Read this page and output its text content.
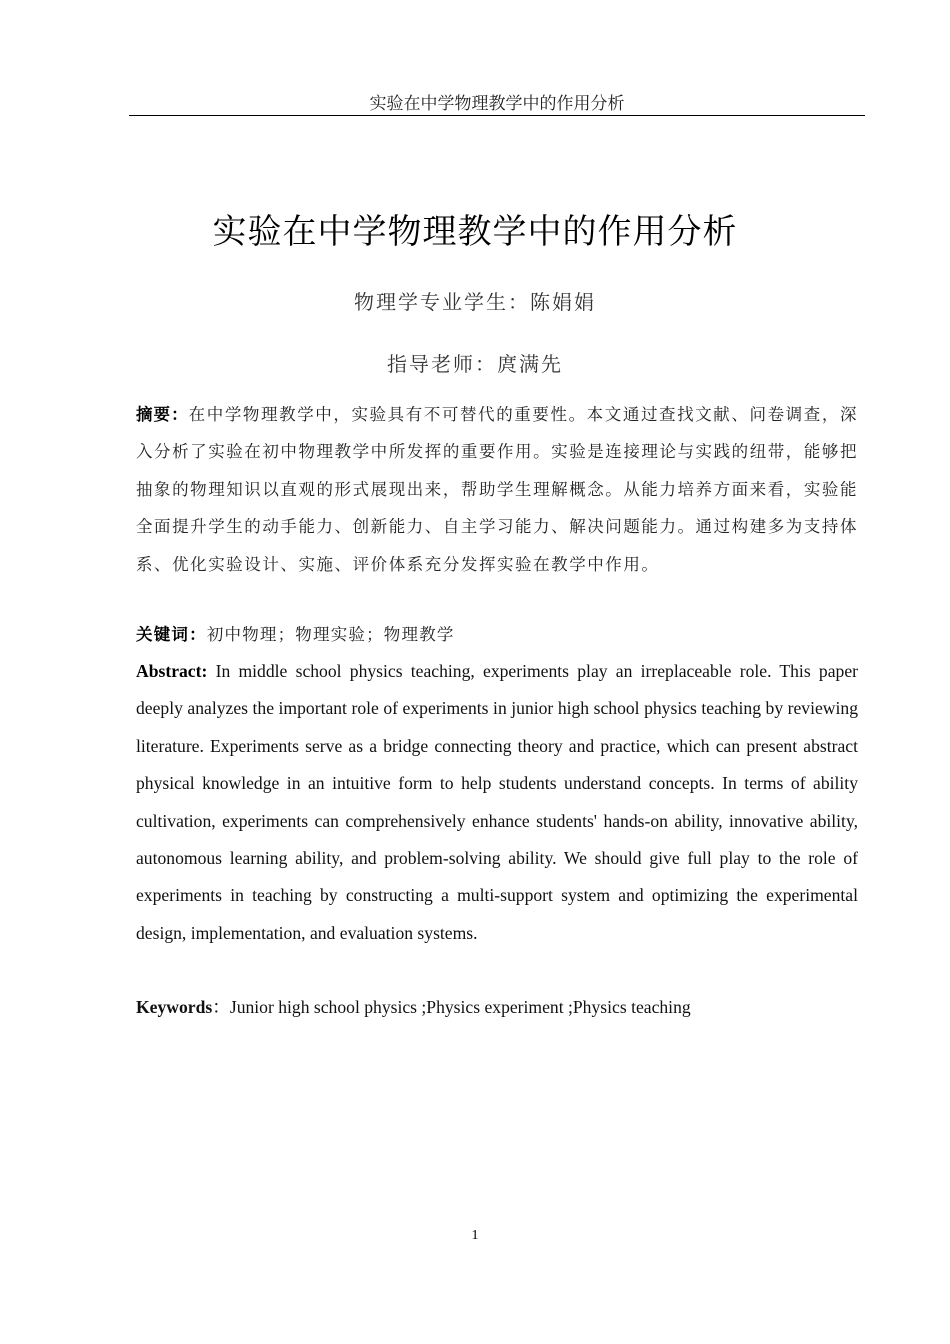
实验在中学物理教学中的作用分析
实验在中学物理教学中的作用分析
物理学专业学生：陈娟娟
指导老师：庹满先
摘要：在中学物理教学中，实验具有不可替代的重要性。本文通过查找文献、问卷调查，深入分析了实验在初中物理教学中所发挥的重要作用。实验是连接理论与实践的纽带，能够把抽象的物理知识以直观的形式展现出来，帮助学生理解概念。从能力培养方面来看，实验能全面提升学生的动手能力、创新能力、自主学习能力、解决问题能力。通过构建多为支持体系、优化实验设计、实施、评价体系充分发挥实验在教学中作用。
关键词：初中物理；物理实验；物理教学
Abstract: In middle school physics teaching, experiments play an irreplaceable role. This paper deeply analyzes the important role of experiments in junior high school physics teaching by reviewing literature. Experiments serve as a bridge connecting theory and practice, which can present abstract physical knowledge in an intuitive form to help students understand concepts. In terms of ability cultivation, experiments can comprehensively enhance students' hands-on ability, innovative ability, autonomous learning ability, and problem-solving ability. We should give full play to the role of experiments in teaching by constructing a multi-support system and optimizing the experimental design, implementation, and evaluation systems.
Keywords：Junior high school physics ;Physics experiment ;Physics teaching
1
